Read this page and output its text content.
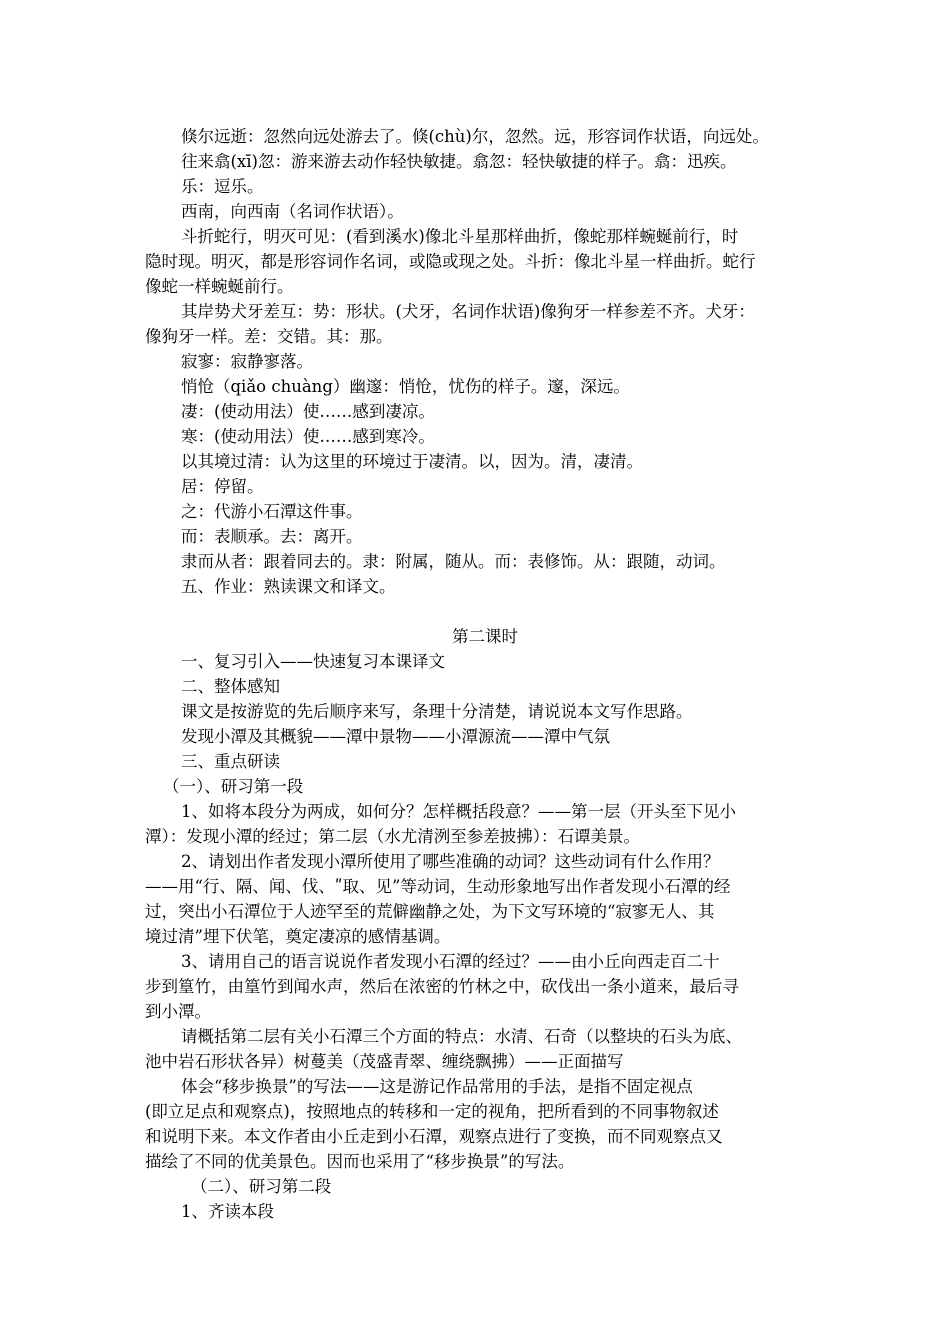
倏尔远逝：忽然向远处游去了。倏(chù)尔，忽然。远，形容词作状语，向远处。
往来翕(xī)忽：游来游去动作轻快敏捷。翕忽：轻快敏捷的样子。翕：迅疾。
乐：逗乐。
西南，向西南（名词作状语）。
斗折蛇行，明灭可见：(看到溪水)像北斗星那样曲折，像蛇那样蜿蜒前行，时
隐时现。明灭，都是形容词作名词，或隐或现之处。斗折：像北斗星一样曲折。蛇行
像蛇一样蜿蜒前行。
其岸势犬牙差互：势：形状。(犬牙，名词作状语)像狗牙一样参差不齐。犬牙：
像狗牙一样。差：交错。其：那。
寂寥：寂静寥落。
悄怆（qiǎo chuàng）幽邃：悄怆，忧伤的样子。邃，深远。
凄：(使动用法）使……感到凄凉。
寒：(使动用法）使……感到寒冷。
以其境过清：认为这里的环境过于凄清。以，因为。清，凄清。
居：停留。
之：代游小石潭这件事。
而：表顺承。去：离开。
隶而从者：跟着同去的。隶：附属，随从。而：表修饰。从：跟随，动词。
五、作业：熟读课文和译文。
第二课时
一、复习引入——快速复习本课译文
二、整体感知
课文是按游览的先后顺序来写，条理十分清楚，请说说本文写作思路。
发现小潭及其概貌——潭中景物——小潭源流——潭中气氛
三、重点研读
（一）、研习第一段
1、如将本段分为两成，如何分？怎样概括段意？——第一层（开头至下见小
潭）：发现小潭的经过；第二层（水尤清洌至参差披拂）：石谭美景。
2、请划出作者发现小潭所使用了哪些准确的动词？这些动词有什么作用？
——用“行、隔、闻、伐、ʺ取、见”等动词，生动形象地写出作者发现小石潭的经
过，突出小石潭位于人迹罕至的荒僻幽静之处，为下文写环境的“寂寥无人、其
境过清”埋下伏笔，奠定凄凉的感情基调。
3、请用自己的语言说说作者发现小石潭的经过？——由小丘向西走百二十
步到篁竹，由篁竹到闻水声，然后在浓密的竹林之中，砍伐出一条小道来，最后寻
到小潭。
请概括第二层有关小石潭三个方面的特点：水清、石奇（以整块的石头为底、
池中岩石形状各异）树蔓美（茂盛青翠、缠绕飘拂）——正面描写
体会“移步换景”的写法——这是游记作品常用的手法，是指不固定视点
(即立足点和观察点)，按照地点的转移和一定的视角，把所看到的不同事物叙述
和说明下来。本文作者由小丘走到小石潭，观察点进行了变换，而不同观察点又
描绘了不同的优美景色。因而也采用了“移步换景”的写法。
（二）、研习第二段
1、齐读本段
